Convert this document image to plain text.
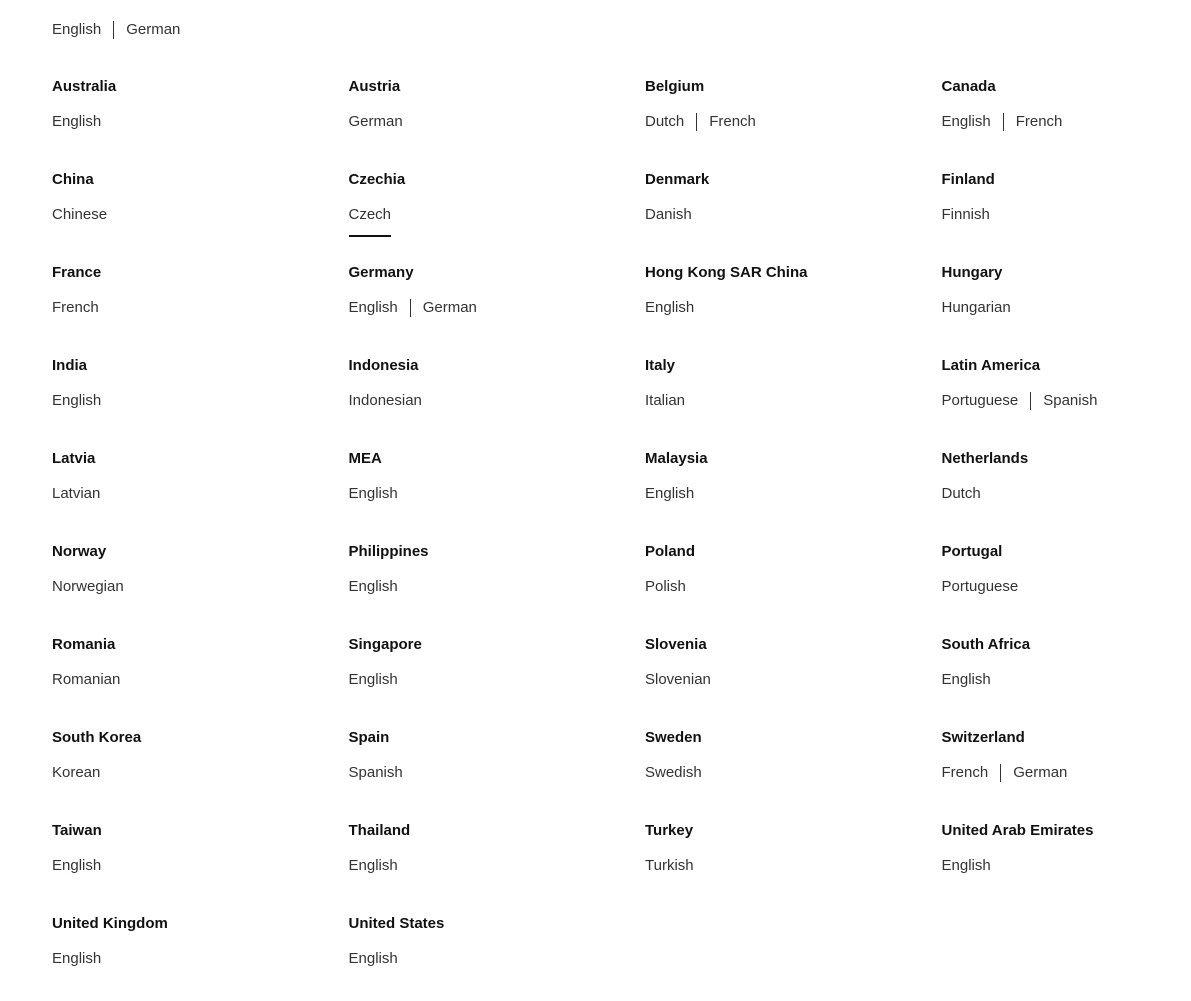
English German
Australia
English
Austria
German
Belgium
Dutch French
Canada
English French
China
Chinese
Czechia
Czech
Denmark
Danish
Finland
Finnish
France
French
Germany
English German
Hong Kong SAR China
English
Hungary
Hungarian
India
English
Indonesia
Indonesian
Italy
Italian
Latin America
Portuguese Spanish
Latvia
Latvian
MEA
English
Malaysia
English
Netherlands
Dutch
Norway
Norwegian
Philippines
English
Poland
Polish
Portugal
Portuguese
Romania
Romanian
Singapore
English
Slovenia
Slovenian
South Africa
English
South Korea
Korean
Spain
Spanish
Sweden
Swedish
Switzerland
French German
Taiwan
English
Thailand
English
Turkey
Turkish
United Arab Emirates
English
United Kingdom
English
United States
English
